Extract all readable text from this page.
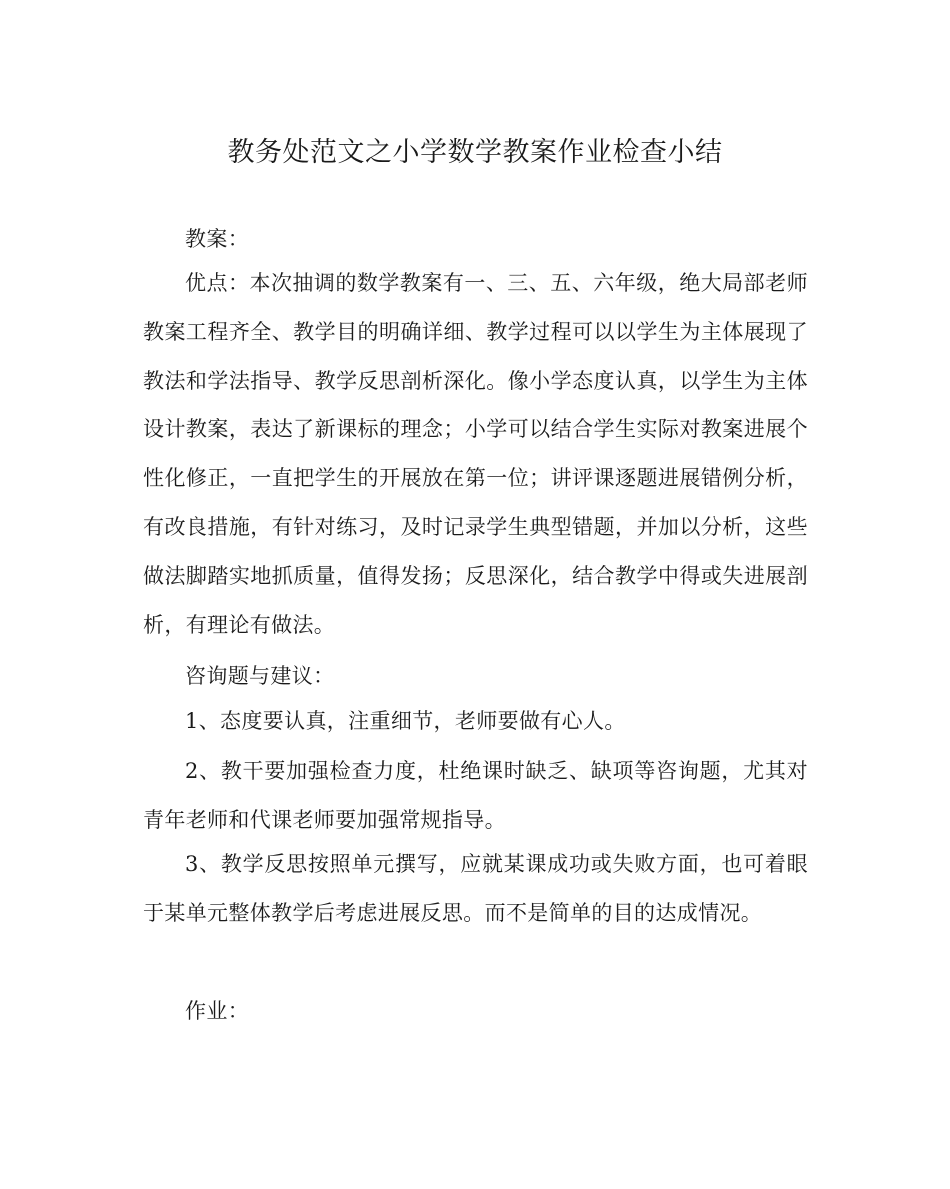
教务处范文之小学数学教案作业检查小结

教案：

优点：本次抽调的数学教案有一、三、五、六年级，绝大局部老师教案工程齐全、教学目的明确详细、教学过程可以以学生为主体展现了教法和学法指导、教学反思剖析深化。像小学态度认真，以学生为主体设计教案，表达了新课标的理念；小学可以结合学生实际对教案进展个性化修正，一直把学生的开展放在第一位；讲评课逐题进展错例分析，有改良措施，有针对练习，及时记录学生典型错题，并加以分析，这些做法脚踏实地抓质量，值得发扬；反思深化，结合教学中得或失进展剖析，有理论有做法。

咨询题与建议：

1、态度要认真，注重细节，老师要做有心人。

2、教干要加强检查力度，杜绝课时缺乏、缺项等咨询题，尤其对青年老师和代课老师要加强常规指导。

3、教学反思按照单元撰写，应就某课成功或失败方面，也可着眼于某单元整体教学后考虑进展反思。而不是简单的目的达成情况。

作业：
